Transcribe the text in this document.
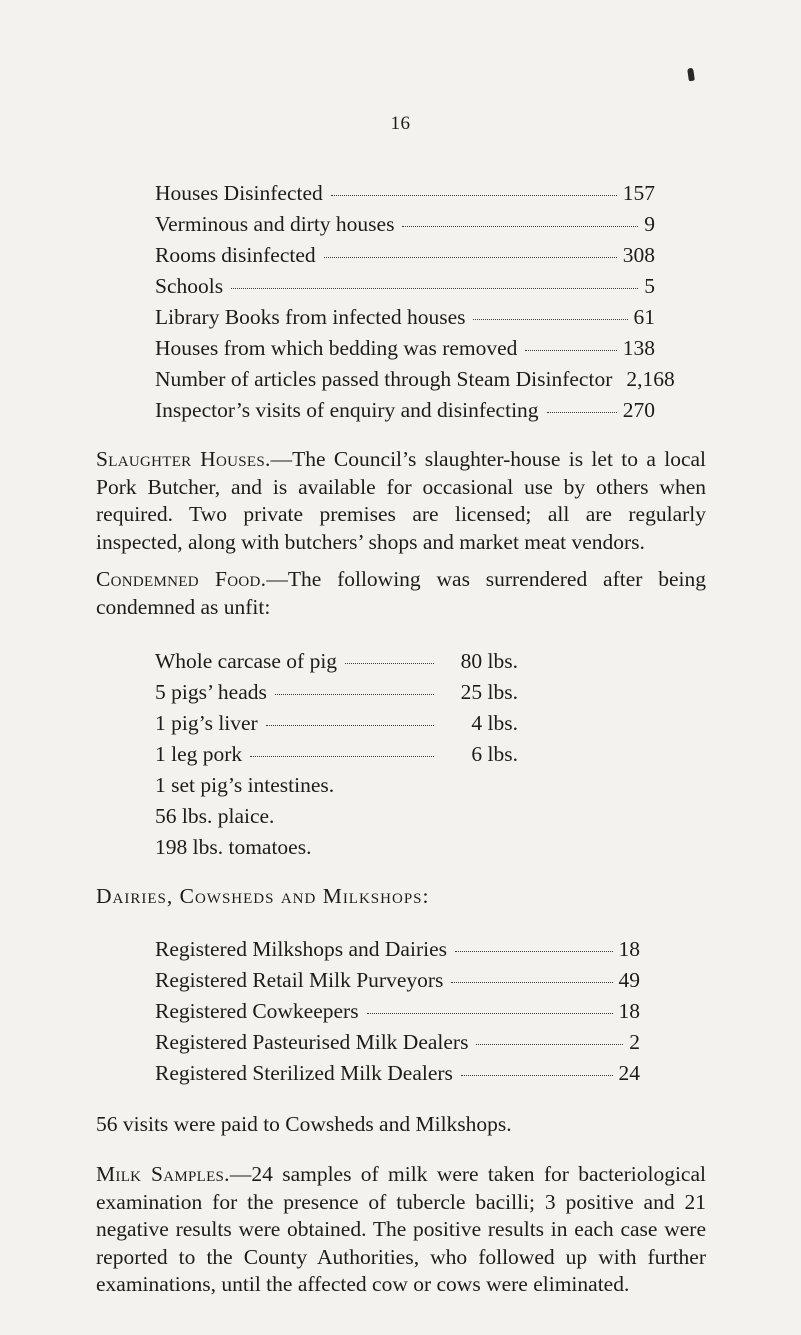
16
Houses Disinfected	157
Verminous and dirty houses	9
Rooms disinfected	308
Schools	5
Library Books from infected houses	61
Houses from which bedding was removed	138
Number of articles passed through Steam Disinfector 2,168
Inspector’s visits of enquiry and disinfecting	270

Slaughter Houses.—The Council’s slaughter-house is let to a local Pork Butcher, and is available for occasional use by others when required. Two private premises are licensed; all are regularly inspected, along with butchers’ shops and market meat vendors.

Condemned Food.—The following was surrendered after being condemned as unfit:

Whole carcase of pig	80 lbs.
5 pigs’ heads	25 lbs.
1 pig’s liver	4 lbs.
1 leg pork	6 lbs.
1 set pig’s intestines.
56 lbs. plaice.
198 lbs. tomatoes.
Dairies, Cowsheds and Milkshops:
Registered Milkshops and Dairies	18
Registered Retail Milk Purveyors	49
Registered Cowkeepers	18
Registered Pasteurised Milk Dealers	2
Registered Sterilized Milk Dealers	24
56 visits were paid to Cowsheds and Milkshops.

Milk Samples.—24 samples of milk were taken for bacteriological examination for the presence of tubercle bacilli; 3 positive and 21 negative results were obtained. The positive results in each case were reported to the County Authorities, who followed up with further examinations, until the affected cow or cows were eliminated.
